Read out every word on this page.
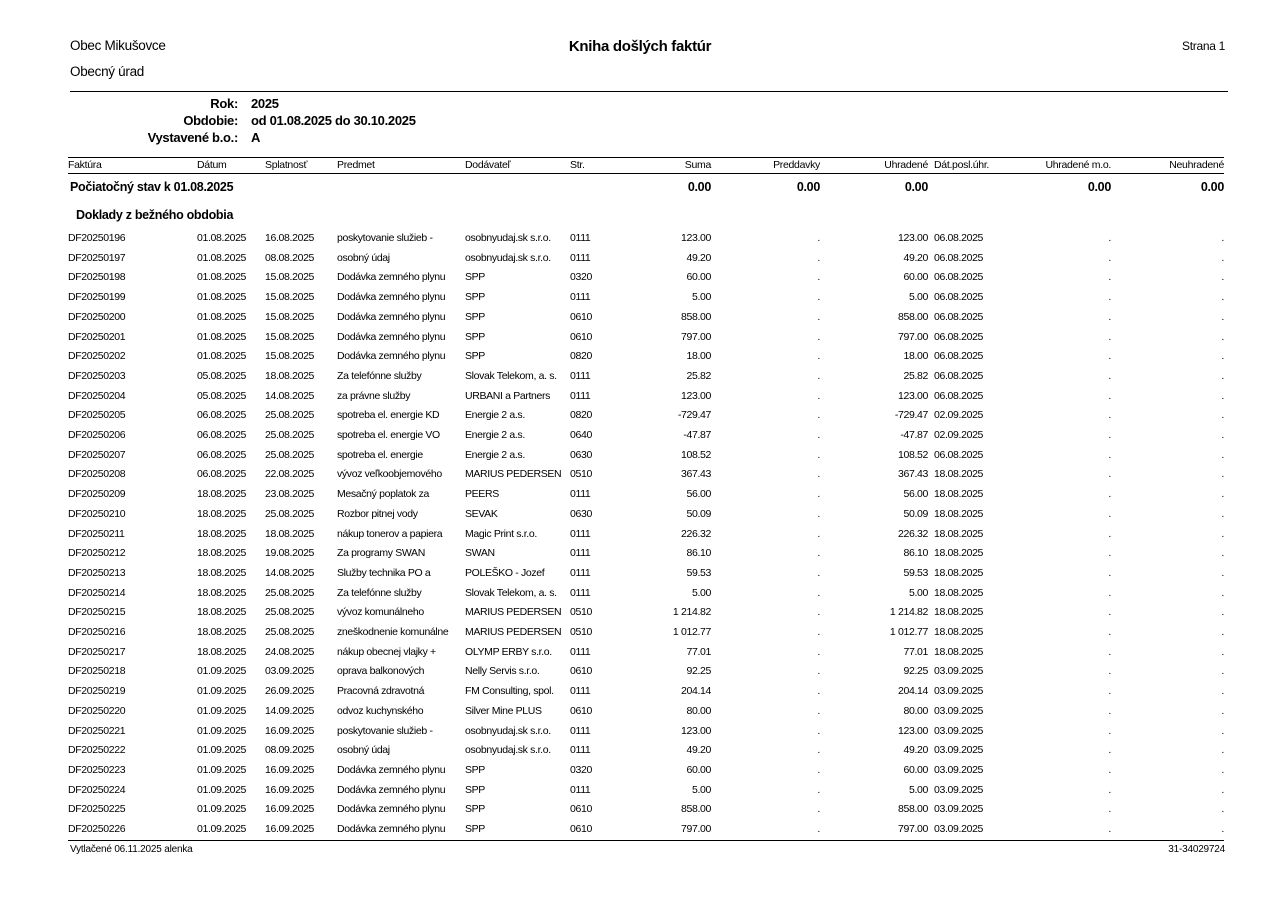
Obec Mikušovce
Obecný úrad
Kniha došlých faktúr	Strana 1
Rok:	2025
Obdobie:	od 01.08.2025 do 30.10.2025
Vystavené b.o.:	A
Faktúra	Dátum	Splatnosť	Predmet	Dodávateľ	Str.	Suma	Preddavky	Uhradené	Dát.posl.úhr.	Uhradené m.o.	Neuhradené
Počiatočný stav k 01.08.2025						0.00	0.00	0.00		0.00	0.00
Doklady z bežného obdobia											
DF20250196	01.08.2025	16.08.2025	poskytovanie služieb -	osobnyudaj.sk s.r.o.	0111	123.00	.	123.00	06.08.2025	.	.
DF20250197	01.08.2025	08.08.2025	osobný údaj	osobnyudaj.sk s.r.o.	0111	49.20	.	49.20	06.08.2025	.	.
DF20250198	01.08.2025	15.08.2025	Dodávka zemného plynu	SPP	0320	60.00	.	60.00	06.08.2025	.	.
DF20250199	01.08.2025	15.08.2025	Dodávka zemného plynu	SPP	0111	5.00	.	5.00	06.08.2025	.	.
DF20250200	01.08.2025	15.08.2025	Dodávka zemného plynu	SPP	0610	858.00	.	858.00	06.08.2025	.	.
DF20250201	01.08.2025	15.08.2025	Dodávka zemného plynu	SPP	0610	797.00	.	797.00	06.08.2025	.	.
DF20250202	01.08.2025	15.08.2025	Dodávka zemného plynu	SPP	0820	18.00	.	18.00	06.08.2025	.	.
DF20250203	05.08.2025	18.08.2025	Za telefónne služby	Slovak Telekom, a. s.	0111	25.82	.	25.82	06.08.2025	.	.
DF20250204	05.08.2025	14.08.2025	za právne služby	URBANI a Partners	0111	123.00	.	123.00	06.08.2025	.	.
DF20250205	06.08.2025	25.08.2025	spotreba el. energie KD	Energie 2 a.s.	0820	-729.47	.	-729.47	02.09.2025	.	.
DF20250206	06.08.2025	25.08.2025	spotreba el. energie VO	Energie 2 a.s.	0640	-47.87	.	-47.87	02.09.2025	.	.
DF20250207	06.08.2025	25.08.2025	spotreba el. energie	Energie 2 a.s.	0630	108.52	.	108.52	06.08.2025	.	.
DF20250208	06.08.2025	22.08.2025	vývoz veľkoobjemového	MARIUS PEDERSEN	0510	367.43	.	367.43	18.08.2025	.	.
DF20250209	18.08.2025	23.08.2025	Mesačný poplatok za	PEERS	0111	56.00	.	56.00	18.08.2025	.	.
DF20250210	18.08.2025	25.08.2025	Rozbor pitnej vody	SEVAK	0630	50.09	.	50.09	18.08.2025	.	.
DF20250211	18.08.2025	18.08.2025	nákup tonerov a papiera	Magic Print s.r.o.	0111	226.32	.	226.32	18.08.2025	.	.
DF20250212	18.08.2025	19.08.2025	Za programy SWAN	SWAN	0111	86.10	.	86.10	18.08.2025	.	.
DF20250213	18.08.2025	14.08.2025	Služby technika PO a	POLEŠKO - Jozef	0111	59.53	.	59.53	18.08.2025	.	.
DF20250214	18.08.2025	25.08.2025	Za telefónne služby	Slovak Telekom, a. s.	0111	5.00	.	5.00	18.08.2025	.	.
DF20250215	18.08.2025	25.08.2025	vývoz komunálneho	MARIUS PEDERSEN	0510	1 214.82	.	1 214.82	18.08.2025	.	.
DF20250216	18.08.2025	25.08.2025	zneškodnenie komunálne	MARIUS PEDERSEN	0510	1 012.77	.	1 012.77	18.08.2025	.	.
DF20250217	18.08.2025	24.08.2025	nákup obecnej vlajky +	OLYMP ERBY s.r.o.	0111	77.01	.	77.01	18.08.2025	.	.
DF20250218	01.09.2025	03.09.2025	oprava balkonových	Nelly Servis s.r.o.	0610	92.25	.	92.25	03.09.2025	.	.
DF20250219	01.09.2025	26.09.2025	Pracovná zdravotná	FM Consulting, spol.	0111	204.14	.	204.14	03.09.2025	.	.
DF20250220	01.09.2025	14.09.2025	odvoz kuchynského	Silver Mine PLUS	0610	80.00	.	80.00	03.09.2025	.	.
DF20250221	01.09.2025	16.09.2025	poskytovanie služieb -	osobnyudaj.sk s.r.o.	0111	123.00	.	123.00	03.09.2025	.	.
DF20250222	01.09.2025	08.09.2025	osobný údaj	osobnyudaj.sk s.r.o.	0111	49.20	.	49.20	03.09.2025	.	.
DF20250223	01.09.2025	16.09.2025	Dodávka zemného plynu	SPP	0320	60.00	.	60.00	03.09.2025	.	.
DF20250224	01.09.2025	16.09.2025	Dodávka zemného plynu	SPP	0111	5.00	.	5.00	03.09.2025	.	.
DF20250225	01.09.2025	16.09.2025	Dodávka zemného plynu	SPP	0610	858.00	.	858.00	03.09.2025	.	.
DF20250226	01.09.2025	16.09.2025	Dodávka zemného plynu	SPP	0610	797.00	.	797.00	03.09.2025	.	.
Vytlačené 06.11.2025 alenka	31-34029724
